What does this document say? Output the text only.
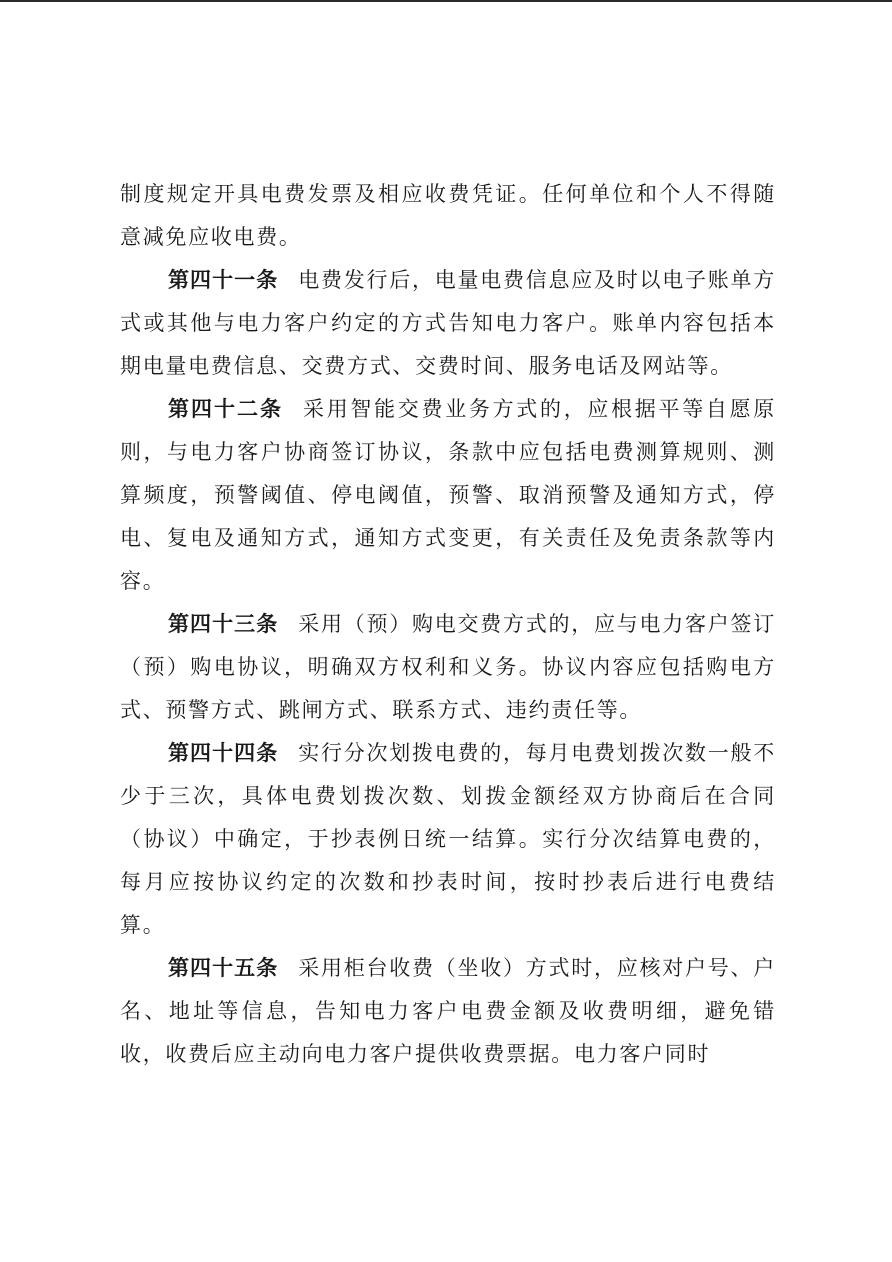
制度规定开具电费发票及相应收费凭证。任何单位和个人不得随意减免应收电费。

第四十一条 电费发行后，电量电费信息应及时以电子账单方式或其他与电力客户约定的方式告知电力客户。账单内容包括本期电量电费信息、交费方式、交费时间、服务电话及网站等。

第四十二条 采用智能交费业务方式的，应根据平等自愿原则，与电力客户协商签订协议，条款中应包括电费测算规则、测算频度，预警阈值、停电阈值，预警、取消预警及通知方式，停电、复电及通知方式，通知方式变更，有关责任及免责条款等内容。

第四十三条 采用（预）购电交费方式的，应与电力客户签订（预）购电协议，明确双方权利和义务。协议内容应包括购电方式、预警方式、跳闸方式、联系方式、违约责任等。

第四十四条 实行分次划拨电费的，每月电费划拨次数一般不少于三次，具体电费划拨次数、划拨金额经双方协商后在合同（协议）中确定，于抄表例日统一结算。实行分次结算电费的，每月应按协议约定的次数和抄表时间，按时抄表后进行电费结算。

第四十五条 采用柜台收费（坐收）方式时，应核对户号、户名、地址等信息，告知电力客户电费金额及收费明细，避免错收，收费后应主动向电力客户提供收费票据。电力客户同时
